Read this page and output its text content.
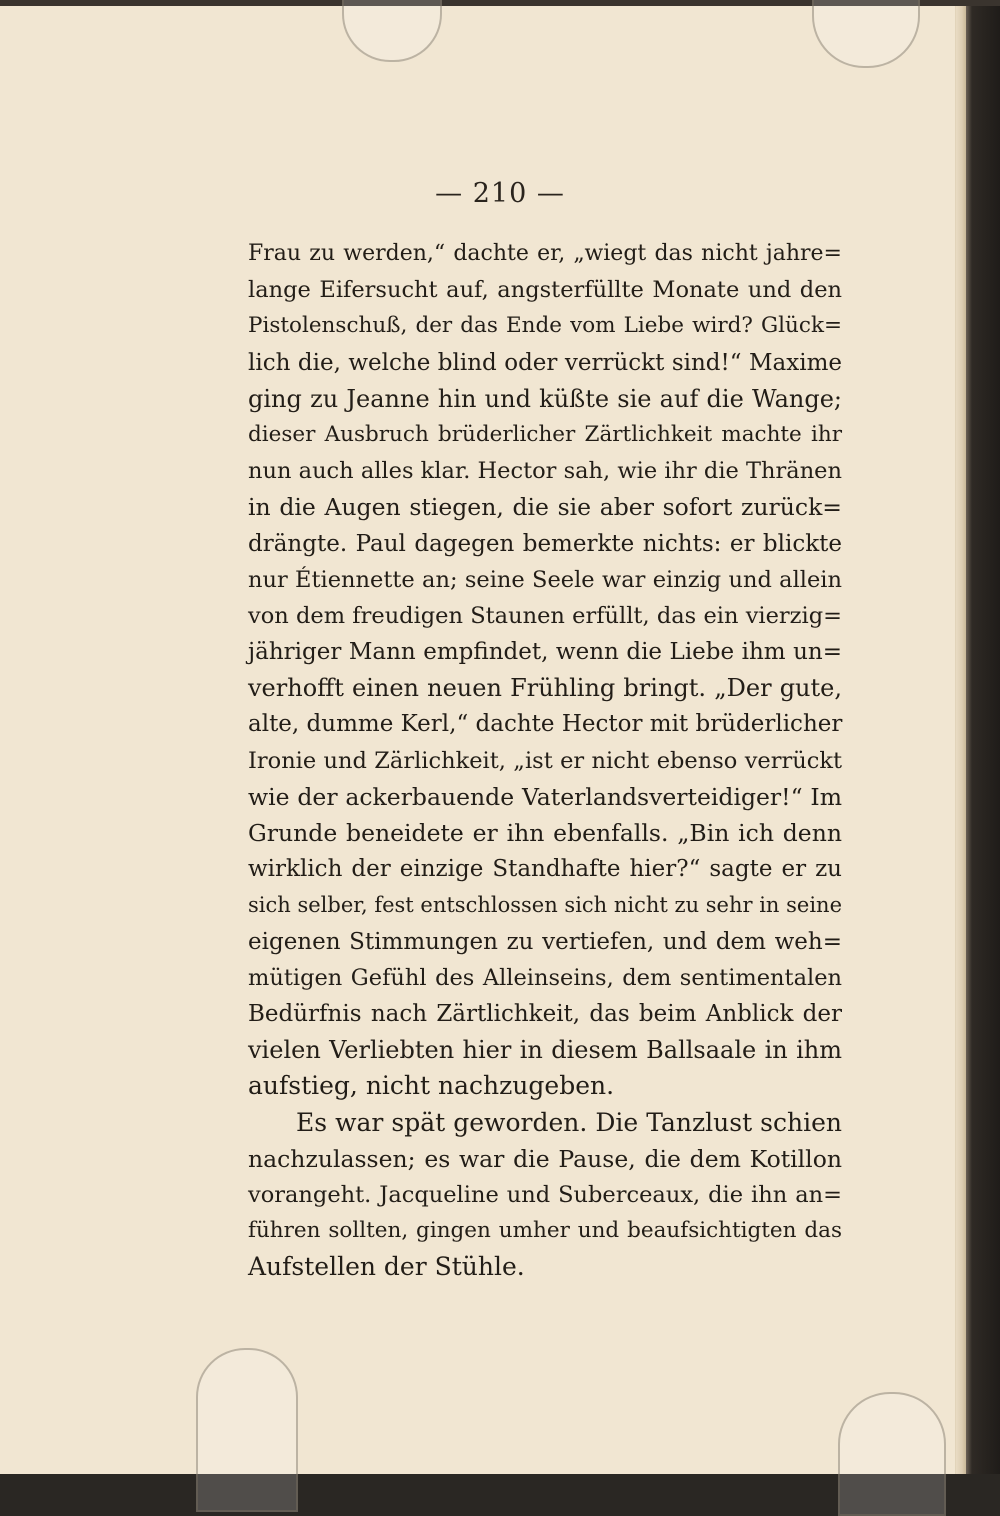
— 210 —
Frau zu werden,“ dachte er, „wiegt das nicht jahre=
lange Eifersucht auf, angsterfüllte Monate und den
Pistolenschuß, der das Ende vom Liebe wird? Glück=
lich die, welche blind oder verrückt sind!“ Maxime
ging zu Jeanne hin und küßte sie auf die Wange;
dieser Ausbruch brüderlicher Zärtlichkeit machte ihr
nun auch alles klar. Hector sah, wie ihr die Thränen
in die Augen stiegen, die sie aber sofort zurück=
drängte. Paul dagegen bemerkte nichts: er blickte
nur Étiennette an; seine Seele war einzig und allein
von dem freudigen Staunen erfüllt, das ein vierzig=
jähriger Mann empfindet, wenn die Liebe ihm un=
verhofft einen neuen Frühling bringt. „Der gute,
alte, dumme Kerl,“ dachte Hector mit brüderlicher
Ironie und Zärlichkeit, „ist er nicht ebenso verrückt
wie der ackerbauende Vaterlandsverteidiger!“ Im
Grunde beneidete er ihn ebenfalls. „Bin ich denn
wirklich der einzige Standhafte hier?“ sagte er zu
sich selber, fest entschlossen sich nicht zu sehr in seine
eigenen Stimmungen zu vertiefen, und dem weh=
mütigen Gefühl des Alleinseins, dem sentimentalen
Bedürfnis nach Zärtlichkeit, das beim Anblick der
vielen Verliebten hier in diesem Ballsaale in ihm
aufstieg, nicht nachzugeben.
Es war spät geworden. Die Tanzlust schien
nachzulassen; es war die Pause, die dem Kotillon
vorangeht. Jacqueline und Suberceaux, die ihn an=
führen sollten, gingen umher und beaufsichtigten das
Aufstellen der Stühle.
